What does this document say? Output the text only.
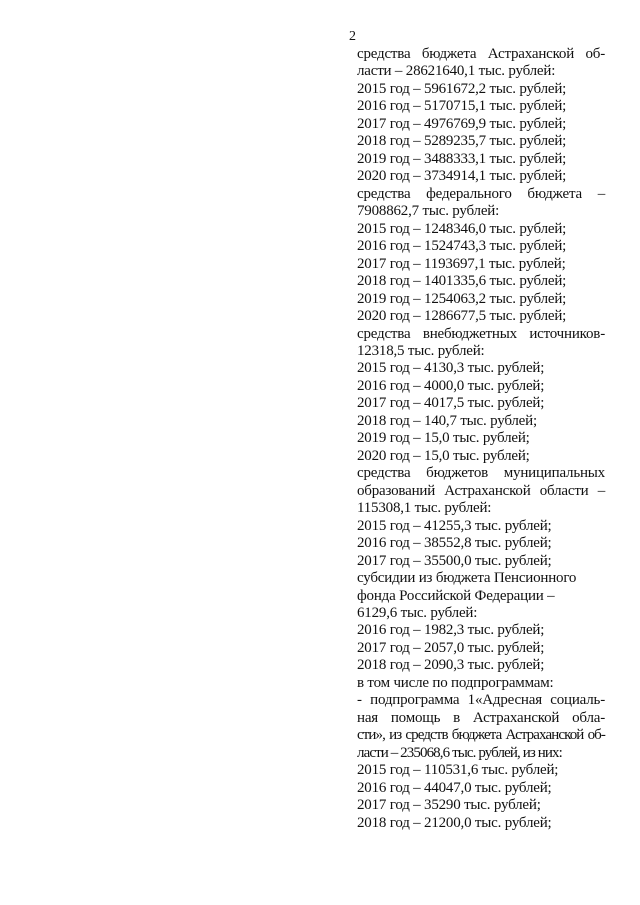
2
средства бюджета Астраханской об-
ласти – 28621640,1 тыс. рублей:
2015 год – 5961672,2 тыс. рублей;
2016 год – 5170715,1 тыс. рублей;
2017 год – 4976769,9 тыс. рублей;
2018 год – 5289235,7 тыс. рублей;
2019 год – 3488333,1 тыс. рублей;
2020 год – 3734914,1 тыс. рублей;
средства федерального бюджета –
7908862,7 тыс. рублей:
2015 год – 1248346,0 тыс. рублей;
2016 год – 1524743,3 тыс. рублей;
2017 год – 1193697,1 тыс. рублей;
2018 год – 1401335,6 тыс. рублей;
2019 год – 1254063,2 тыс. рублей;
2020 год – 1286677,5 тыс. рублей;
средства внебюджетных источников-
12318,5 тыс. рублей:
2015 год – 4130,3 тыс. рублей;
2016 год – 4000,0 тыс. рублей;
2017 год – 4017,5 тыс. рублей;
2018 год – 140,7 тыс. рублей;
2019 год – 15,0 тыс. рублей;
2020 год – 15,0 тыс. рублей;
средства бюджетов муниципальных
образований Астраханской области –
115308,1 тыс. рублей:
2015 год – 41255,3 тыс. рублей;
2016 год – 38552,8 тыс. рублей;
2017 год – 35500,0 тыс. рублей;
субсидии из бюджета Пенсионного
фонда Российской Федерации –
6129,6 тыс. рублей:
2016 год – 1982,3 тыс. рублей;
2017 год – 2057,0 тыс. рублей;
2018 год – 2090,3 тыс. рублей;
в том числе по подпрограммам:
- подпрограмма 1«Адресная социаль-
ная помощь в Астраханской обла-
сти», из средств бюджета Астраханской об-
ласти – 235068,6 тыс. рублей, из них:
2015 год – 110531,6 тыс. рублей;
2016 год – 44047,0 тыс. рублей;
2017 год – 35290 тыс. рублей;
2018 год – 21200,0 тыс. рублей;
